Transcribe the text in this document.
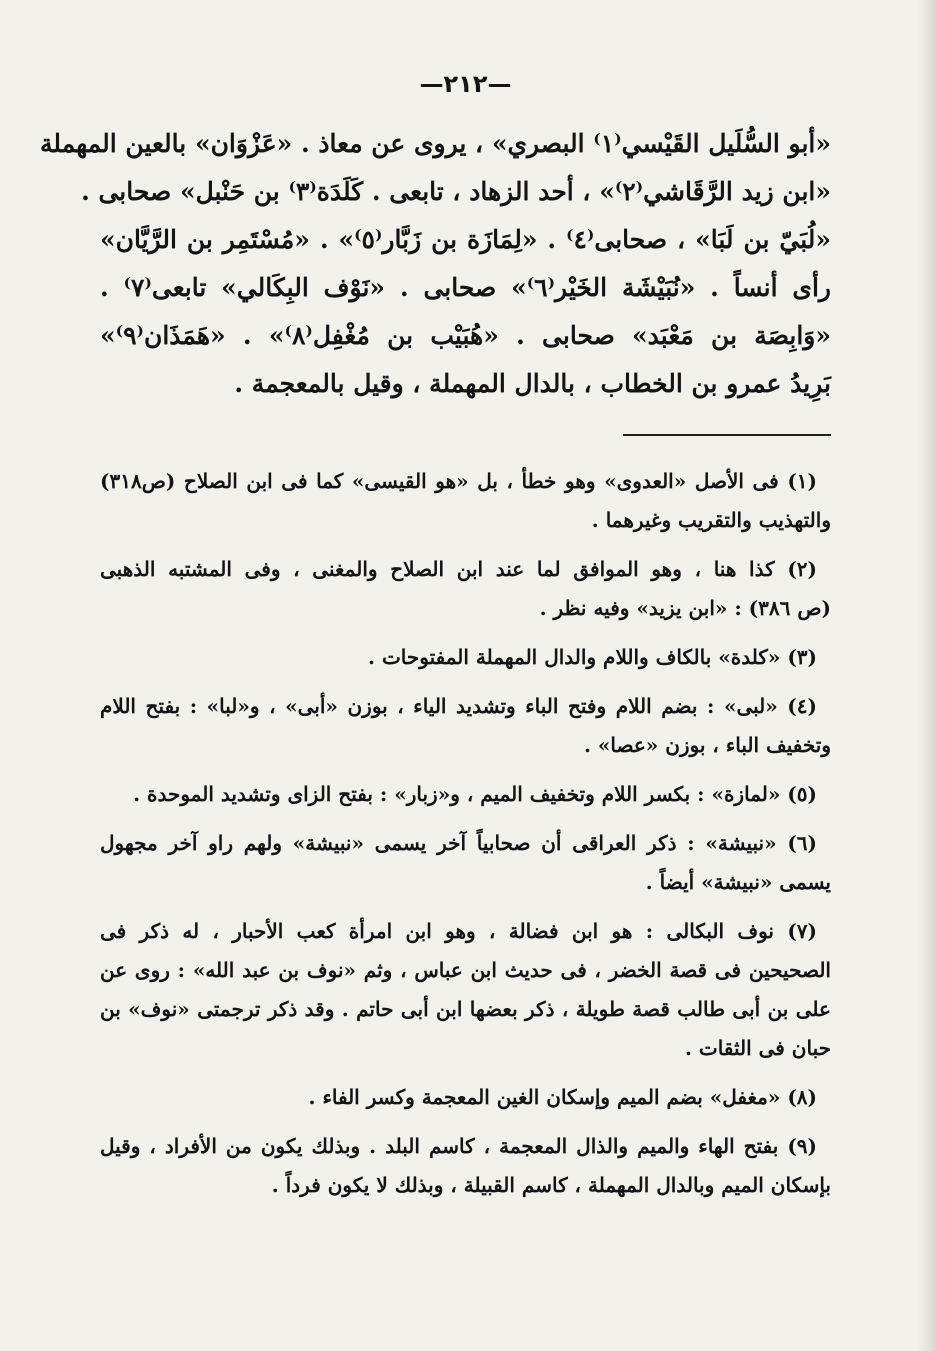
—٢١٢—
«أبو السُّلَيل القَيْسي⁽١⁾ البصري» ، يروى عن معاذ . «عَزْوَان» بالعين المهملة
«ابن زيد الرَّقَاشي⁽٢⁾» ، أحد الزهاد ، تابعى . كَلَدَة⁽٣⁾ بن حَنْبل» صحابى .
«لُبَيّ بن لَبَا» ، صحابى⁽٤⁾ . «لِمَازَة بن زَبَّار⁽٥⁾» . «مُسْتَمِر بن الرَّيَّان»
رأى أنساً . «نُبَيْشَة الخَيْر⁽٦⁾» صحابى . «نَوْف البِكَالي» تابعى⁽٧⁾ .
«وَابِصَة بن مَعْبَد» صحابى . «هُبَيْب بن مُغْفِل⁽٨⁾» . «هَمَذَان⁽٩⁾»
بَرِيدُ عمرو بن الخطاب ، بالدال المهملة ، وقيل بالمعجمة .
(١) فى الأصل «العدوى» وهو خطأ ، بل «هو القيسى» كما فى ابن الصلاح (ص٣١٨)
والتهذيب والتقريب وغيرهما .
(٢) كذا هنا ، وهو الموافق لما عند ابن الصلاح والمغنى ، وفى المشتبه الذهبى
(ص ٣٨٦) : «ابن يزيد» وفيه نظر .
(٣) «كلدة» بالكاف واللام والدال المهملة المفتوحات .
(٤) «لبى» : بضم اللام وفتح الباء وتشديد الياء ، بوزن «أبى» ، و«لبا» : بفتح اللام
وتخفيف الباء ، بوزن «عصا» .
(٥) «لمازة» : بكسر اللام وتخفيف الميم ، و«زبار» : بفتح الزاى وتشديد الموحدة .
(٦) «نبيشة» : ذكر العراقى أن صحابياً آخر يسمى «نبيشة» ولهم راو آخر مجهول
يسمى «نبيشة» أيضاً .
(٧) نوف البكالى : هو ابن فضالة ، وهو ابن امرأة كعب الأحبار ، له ذكر فى
الصحيحين فى قصة الخضر ، فى حديث ابن عباس ، وثم «نوف بن عبد الله» : روى عن
على بن أبى طالب قصة طويلة ، ذكر بعضها ابن أبى حاتم . وقد ذكر ترجمتى «نوف» بن
حبان فى الثقات .
(٨) «مغفل» بضم الميم وإسكان الغين المعجمة وكسر الفاء .
(٩) بفتح الهاء والميم والذال المعجمة ، كاسم البلد . وبذلك يكون من الأفراد ، وقيل
بإسكان الميم وبالدال المهملة ، كاسم القبيلة ، وبذلك لا يكون فرداً .
